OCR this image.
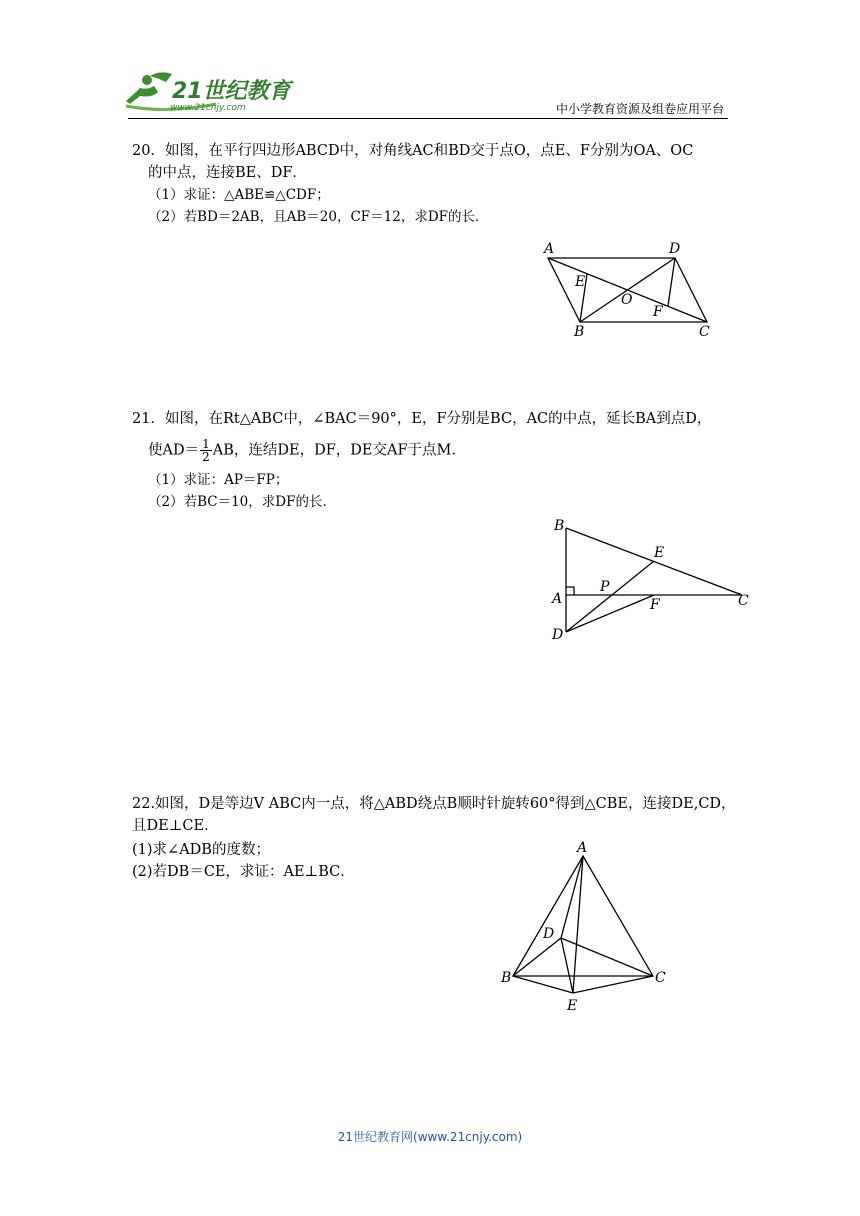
21世纪教育
www.21cnjy.com	中小学教育资源及组卷应用平台
20．如图，在平行四边形ABCD中，对角线AC和BD交于点O，点E、F分别为OA、OC
的中点，连接BE、DF．
（1）求证：△ABE≌△CDF；
（2）若BD＝2AB，且AB＝20，CF＝12，求DF的长．
A	D
E
O
F
B	C
21．如图，在Rt△ABC中，∠BAC＝90°，E，F分别是BC，AC的中点，延长BA到点D，
使$AD= \frac{1}{2}$ AB，连结DE，DF，DE交AF于点M．
（1）求证：AP＝FP；
（2）若BC＝10，求DF的长．
B
E
P
A	F	C
D
22.如图，D是等边V ABC内一点，将△ABD绕点B顺时针旋转60°得到△CBE，连接DE,CD，
且DE⊥CE．
(1)求∠ADB的度数；
(2)若DB＝CE，求证：AE⊥BC．
A
D
B	C
E
21世纪教育网(www.21cnjy.com)
